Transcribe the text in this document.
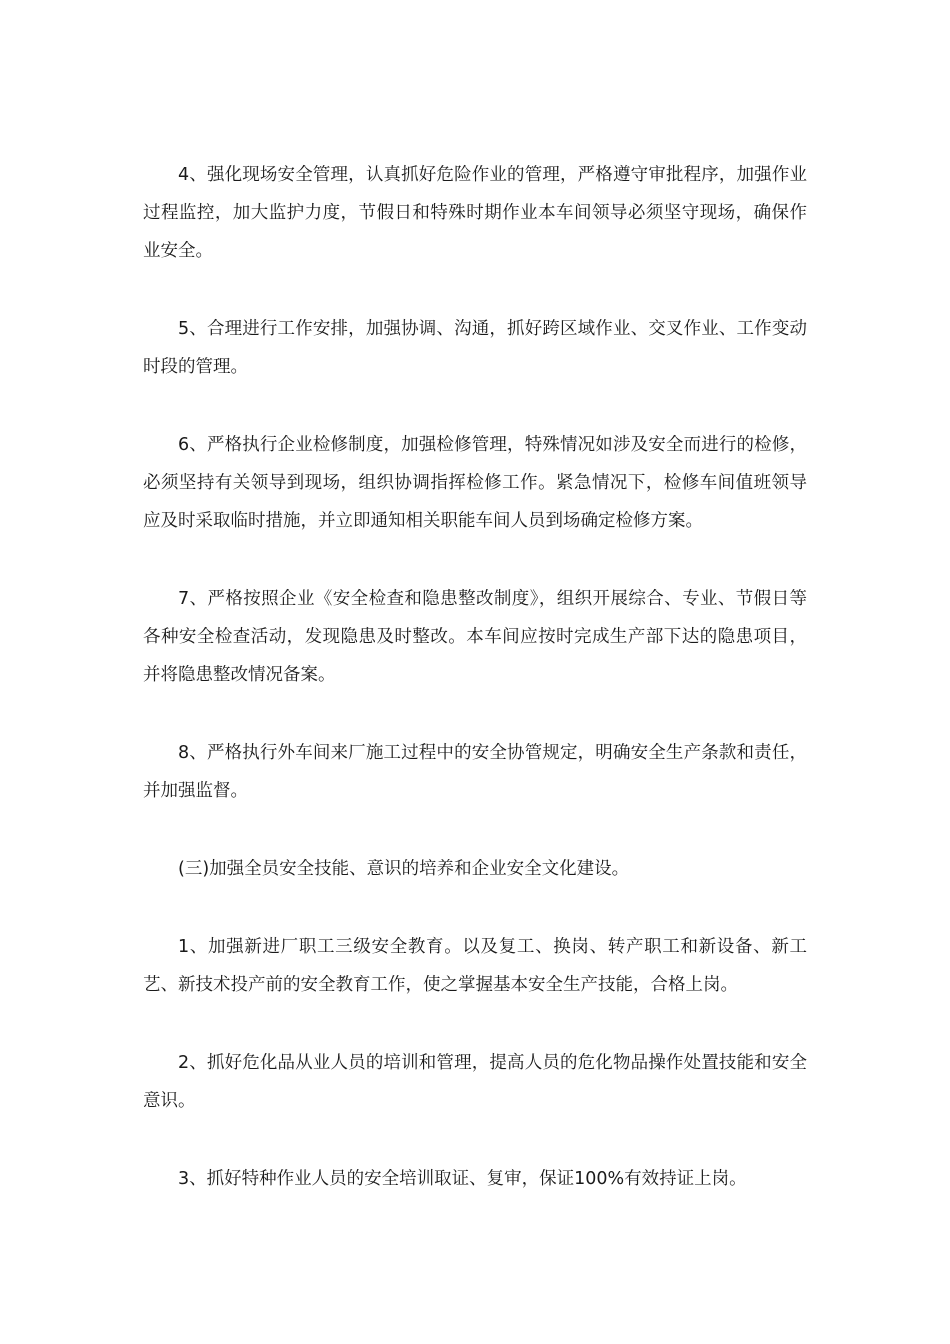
4、强化现场安全管理，认真抓好危险作业的管理，严格遵守审批程序，加强作业过程监控，加大监护力度，节假日和特殊时期作业本车间领导必须坚守现场，确保作业安全。

5、合理进行工作安排，加强协调、沟通，抓好跨区域作业、交叉作业、工作变动时段的管理。

6、严格执行企业检修制度，加强检修管理，特殊情况如涉及安全而进行的检修，必须坚持有关领导到现场，组织协调指挥检修工作。紧急情况下，检修车间值班领导应及时采取临时措施，并立即通知相关职能车间人员到场确定检修方案。

7、严格按照企业《安全检查和隐患整改制度》，组织开展综合、专业、节假日等各种安全检查活动，发现隐患及时整改。本车间应按时完成生产部下达的隐患项目，并将隐患整改情况备案。

8、严格执行外车间来厂施工过程中的安全协管规定，明确安全生产条款和责任，并加强监督。

(三)加强全员安全技能、意识的培养和企业安全文化建设。

1、加强新进厂职工三级安全教育。以及复工、换岗、转产职工和新设备、新工艺、新技术投产前的安全教育工作，使之掌握基本安全生产技能，合格上岗。

2、抓好危化品从业人员的培训和管理，提高人员的危化物品操作处置技能和安全意识。

3、抓好特种作业人员的安全培训取证、复审，保证100%有效持证上岗。
